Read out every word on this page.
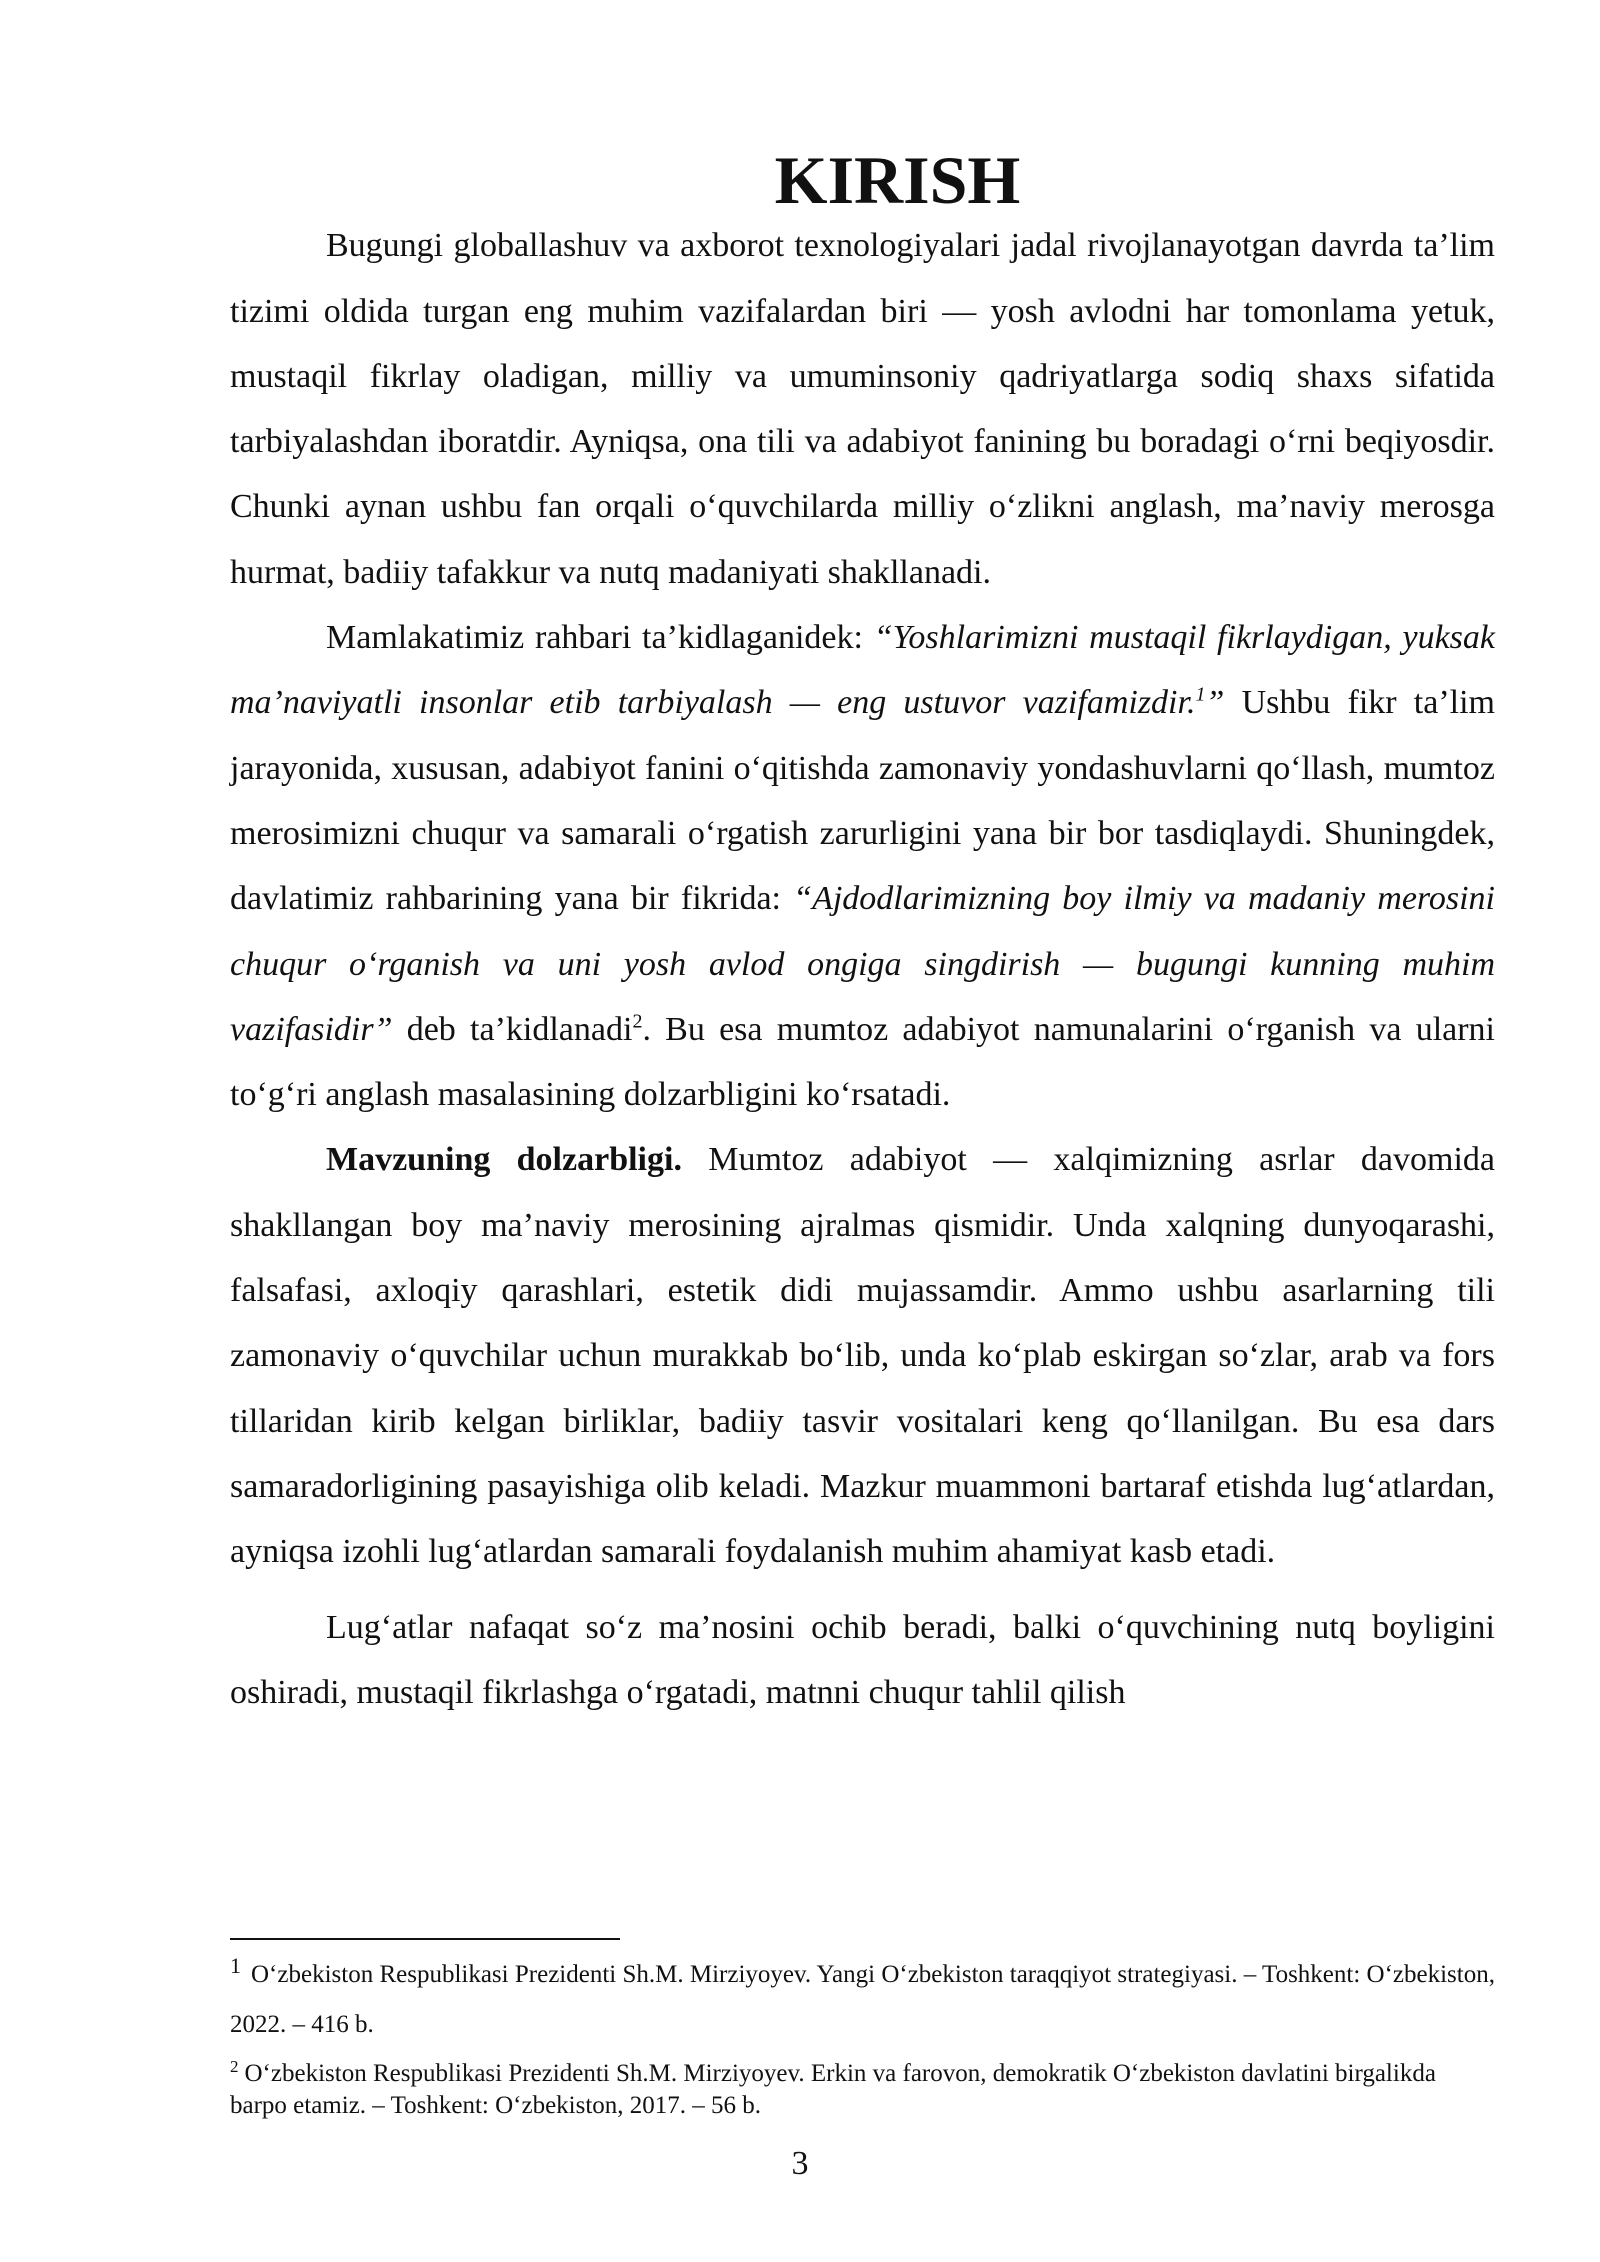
KIRISH

Bugungi globallashuv va axborot texnologiyalari jadal rivojlanayotgan davrda ta’lim tizimi oldida turgan eng muhim vazifalardan biri — yosh avlodni har tomonlama yetuk, mustaqil fikrlay oladigan, milliy va umuminsoniy qadriyatlarga sodiq shaxs sifatida tarbiyalashdan iboratdir. Ayniqsa, ona tili va adabiyot fanining bu boradagi o‘rni beqiyosdir. Chunki aynan ushbu fan orqali o‘quvchilarda milliy o‘zlikni anglash, ma’naviy merosga hurmat, badiiy tafakkur va nutq madaniyati shakllanadi.

Mamlakatimiz rahbari ta’kidlaganidek: “Yoshlarimizni mustaqil fikrlaydigan, yuksak ma’naviyatli insonlar etib tarbiyalash — eng ustuvor vazifamizdir.$^1$” Ushbu fikr ta’lim jarayonida, xususan, adabiyot fanini o‘qitishda zamonaviy yondashuvlarni qo‘llash, mumtoz merosimizni chuqur va samarali o‘rgatish zarurligini yana bir bor tasdiqlaydi. Shuningdek, davlatimiz rahbarining yana bir fikrida: “Ajdodlarimizning boy ilmiy va madaniy merosini chuqur o‘rganish va uni yosh avlod ongiga singdirish — bugungi kunning muhim vazifasidir” deb ta’kidlanadi$^2$. Bu esa mumtoz adabiyot namunalarini o‘rganish va ularni to‘g‘ri anglash masalasining dolzarbligini ko‘rsatadi.

Mavzuning dolzarbligi. Mumtoz adabiyot — xalqimizning asrlar davomida shakllangan boy ma’naviy merosining ajralmas qismidir. Unda xalqning dunyoqarashi, falsafasi, axloqiy qarashlari, estetik didi mujassamdir. Ammo ushbu asarlarning tili zamonaviy o‘quvchilar uchun murakkab bo‘lib, unda ko‘plab eskirgan so‘zlar, arab va fors tillaridan kirib kelgan birliklar, badiiy tasvir vositalari keng qo‘llanilgan. Bu esa dars samaradorligining pasayishiga olib keladi. Mazkur muammoni bartaraf etishda lug‘atlardan, ayniqsa izohli lug‘atlardan samarali foydalanish muhim ahamiyat kasb etadi.

Lug‘atlar nafaqat so‘z ma’nosini ochib beradi, balki o‘quvchining nutq boyligini oshiradi, mustaqil fikrlashga o‘rgatadi, matnni chuqur tahlil qilish

1 O‘zbekiston Respublikasi Prezidenti Sh.M. Mirziyoyev. Yangi O‘zbekiston taraqqiyot strategiyasi. – Toshkent: O‘zbekiston, 2022. – 416 b.

$^2$ O‘zbekiston Respublikasi Prezidenti Sh.M. Mirziyoyev. Erkin va farovon, demokratik O‘zbekiston davlatini birgalikda barpo etamiz. – Toshkent: O‘zbekiston, 2017. – 56 b.

3
